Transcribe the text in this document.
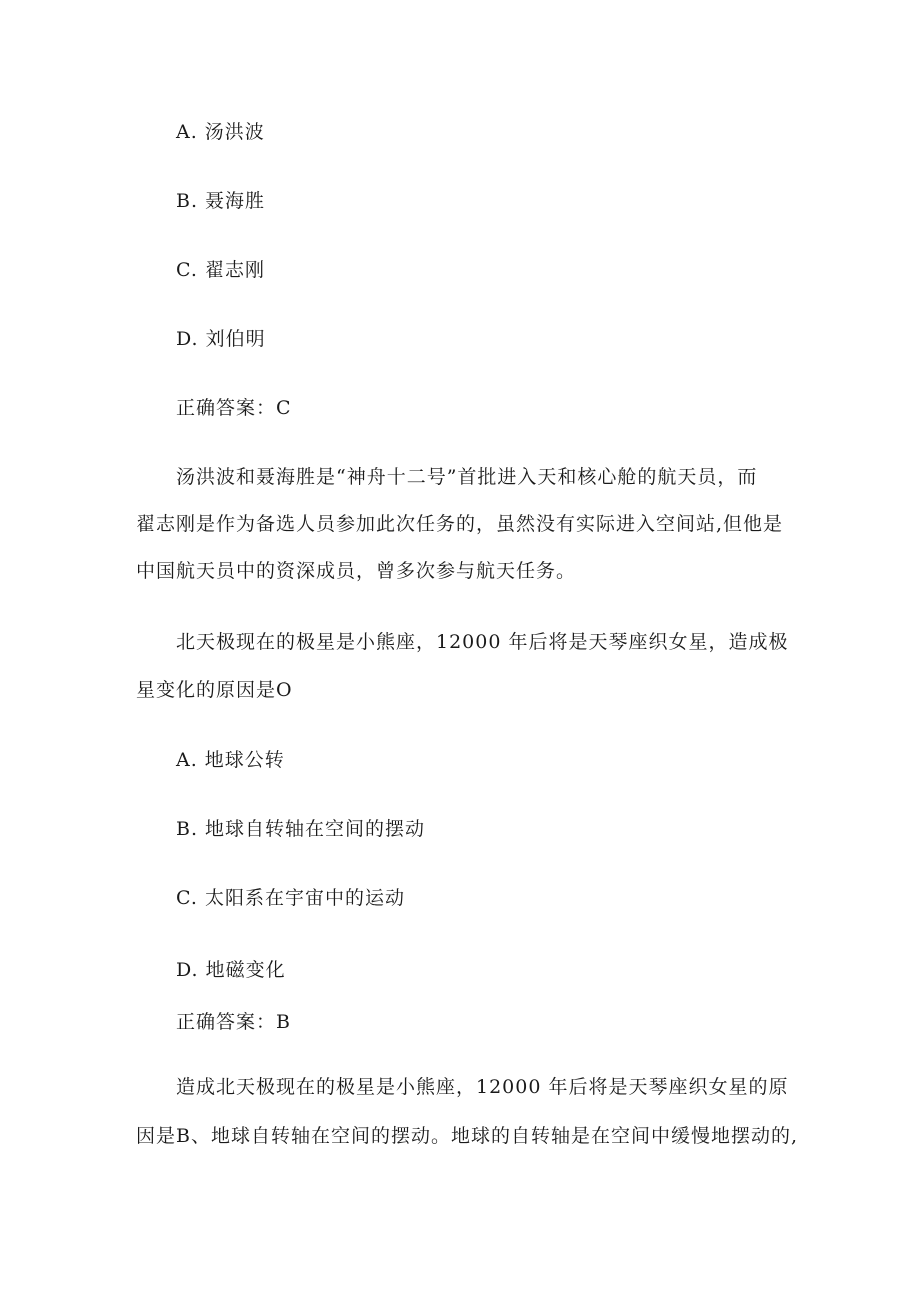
A. 汤洪波
B. 聂海胜
C. 翟志刚
D. 刘伯明
正确答案：C
汤洪波和聂海胜是“神舟十二号”首批进入天和核心舱的航天员，而
翟志刚是作为备选人员参加此次任务的，虽然没有实际进入空间站,但他是
中国航天员中的资深成员，曾多次参与航天任务。
北天极现在的极星是小熊座，12000 年后将是天琴座织女星，造成极
星变化的原因是O
A. 地球公转
B. 地球自转轴在空间的摆动
C. 太阳系在宇宙中的运动
D. 地磁变化
正确答案：B
造成北天极现在的极星是小熊座，12000 年后将是天琴座织女星的原
因是B、地球自转轴在空间的摆动。地球的自转轴是在空间中缓慢地摆动的,
